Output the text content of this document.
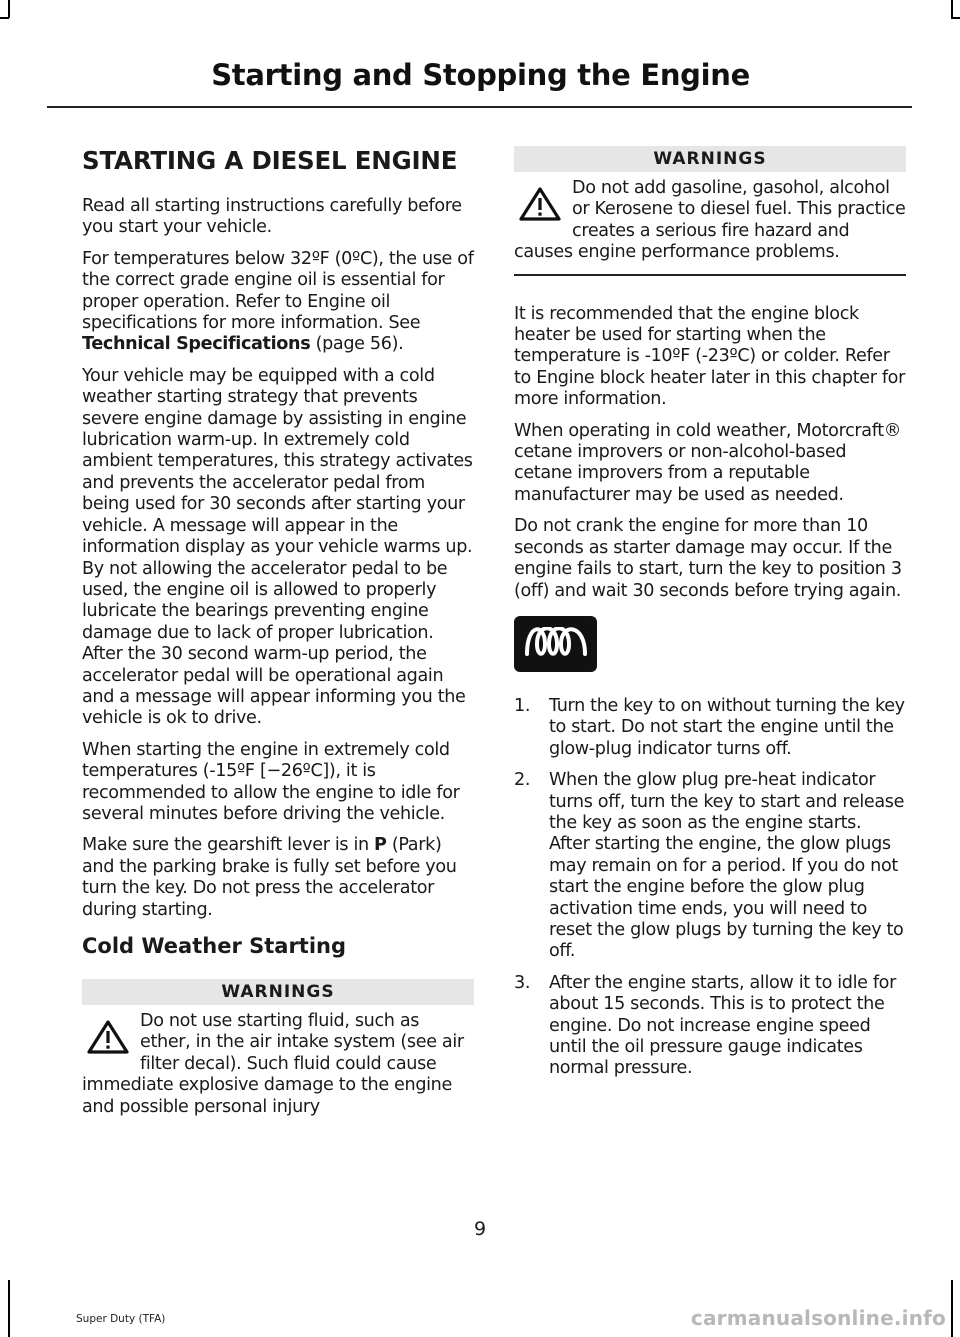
Starting and Stopping the Engine
STARTING A DIESEL ENGINE

Read all starting instructions carefully before you start your vehicle.

For temperatures below 32ºF (0ºC), the use of the correct grade engine oil is essential for proper operation. Refer to Engine oil specifications for more information. See Technical Specifications (page 56).

Your vehicle may be equipped with a cold weather starting strategy that prevents severe engine damage by assisting in engine lubrication warm-up. In extremely cold ambient temperatures, this strategy activates and prevents the accelerator pedal from being used for 30 seconds after starting your vehicle. A message will appear in the information display as your vehicle warms up. By not allowing the accelerator pedal to be used, the engine oil is allowed to properly lubricate the bearings preventing engine damage due to lack of proper lubrication. After the 30 second warm-up period, the accelerator pedal will be operational again and a message will appear informing you the vehicle is ok to drive.

When starting the engine in extremely cold temperatures (-15ºF [−26ºC]), it is recommended to allow the engine to idle for several minutes before driving the vehicle.

Make sure the gearshift lever is in P (Park) and the parking brake is fully set before you turn the key. Do not press the accelerator during starting.

Cold Weather Starting
WARNINGS
Do not use starting fluid, such as ether, in the air intake system (see air filter decal). Such fluid could cause immediate explosive damage to the engine and possible personal injury
WARNINGS
Do not add gasoline, gasohol, alcohol or Kerosene to diesel fuel. This practice creates a serious fire hazard and causes engine performance problems.

It is recommended that the engine block heater be used for starting when the temperature is -10ºF (-23ºC) or colder. Refer to Engine block heater later in this chapter for more information.

When operating in cold weather, Motorcraft® cetane improvers or non-alcohol-based cetane improvers from a reputable manufacturer may be used as needed.

Do not crank the engine for more than 10 seconds as starter damage may occur. If the engine fails to start, turn the key to position 3 (off) and wait 30 seconds before trying again.

1. Turn the key to on without turning the key to start. Do not start the engine until the glow-plug indicator turns off.
2. When the glow plug pre-heat indicator turns off, turn the key to start and release the key as soon as the engine starts. After starting the engine, the glow plugs may remain on for a period. If you do not start the engine before the glow plug activation time ends, you will need to reset the glow plugs by turning the key to off.
3. After the engine starts, allow it to idle for about 15 seconds. This is to protect the engine. Do not increase engine speed until the oil pressure gauge indicates normal pressure.
9
Super Duty (TFA)	carmanualsonline.info
